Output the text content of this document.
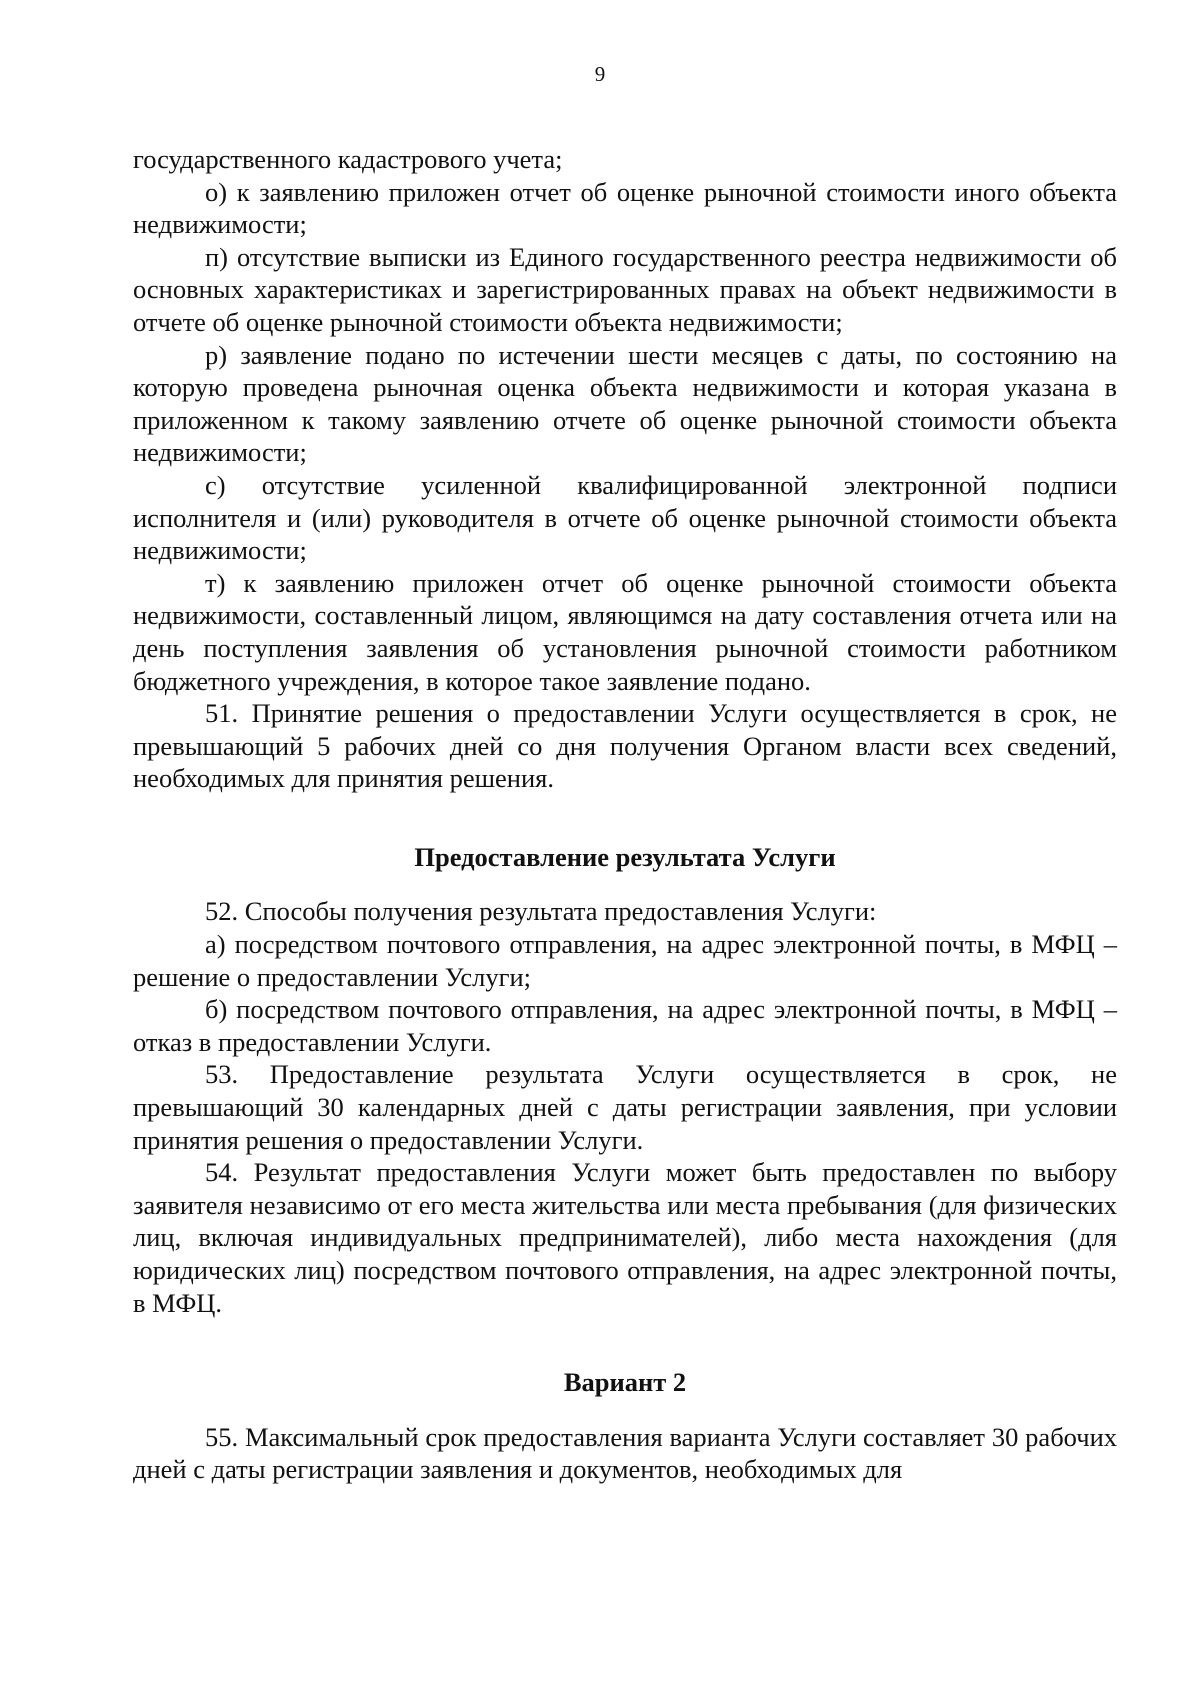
9

государственного кадастрового учета;

о) к заявлению приложен отчет об оценке рыночной стоимости иного объекта недвижимости;

п) отсутствие выписки из Единого государственного реестра недвижимости об основных характеристиках и зарегистрированных правах на объект недвижимости в отчете об оценке рыночной стоимости объекта недвижимости;

р) заявление подано по истечении шести месяцев с даты, по состоянию на которую проведена рыночная оценка объекта недвижимости и которая указана в приложенном к такому заявлению отчете об оценке рыночной стоимости объекта недвижимости;

с) отсутствие усиленной квалифицированной электронной подписи исполнителя и (или) руководителя в отчете об оценке рыночной стоимости объекта недвижимости;

т) к заявлению приложен отчет об оценке рыночной стоимости объекта недвижимости, составленный лицом, являющимся на дату составления отчета или на день поступления заявления об установления рыночной стоимости работником бюджетного учреждения, в которое такое заявление подано.

51. Принятие решения о предоставлении Услуги осуществляется в срок, не превышающий 5 рабочих дней со дня получения Органом власти всех сведений, необходимых для принятия решения.

Предоставление результата Услуги

52. Способы получения результата предоставления Услуги:

а) посредством почтового отправления, на адрес электронной почты, в МФЦ – решение о предоставлении Услуги;

б) посредством почтового отправления, на адрес электронной почты, в МФЦ – отказ в предоставлении Услуги.

53. Предоставление результата Услуги осуществляется в срок, не превышающий 30 календарных дней с даты регистрации заявления, при условии принятия решения о предоставлении Услуги.

54. Результат предоставления Услуги может быть предоставлен по выбору заявителя независимо от его места жительства или места пребывания (для физических лиц, включая индивидуальных предпринимателей), либо места нахождения (для юридических лиц) посредством почтового отправления, на адрес электронной почты, в МФЦ.

Вариант 2

55. Максимальный срок предоставления варианта Услуги составляет 30 рабочих дней с даты регистрации заявления и документов, необходимых для
